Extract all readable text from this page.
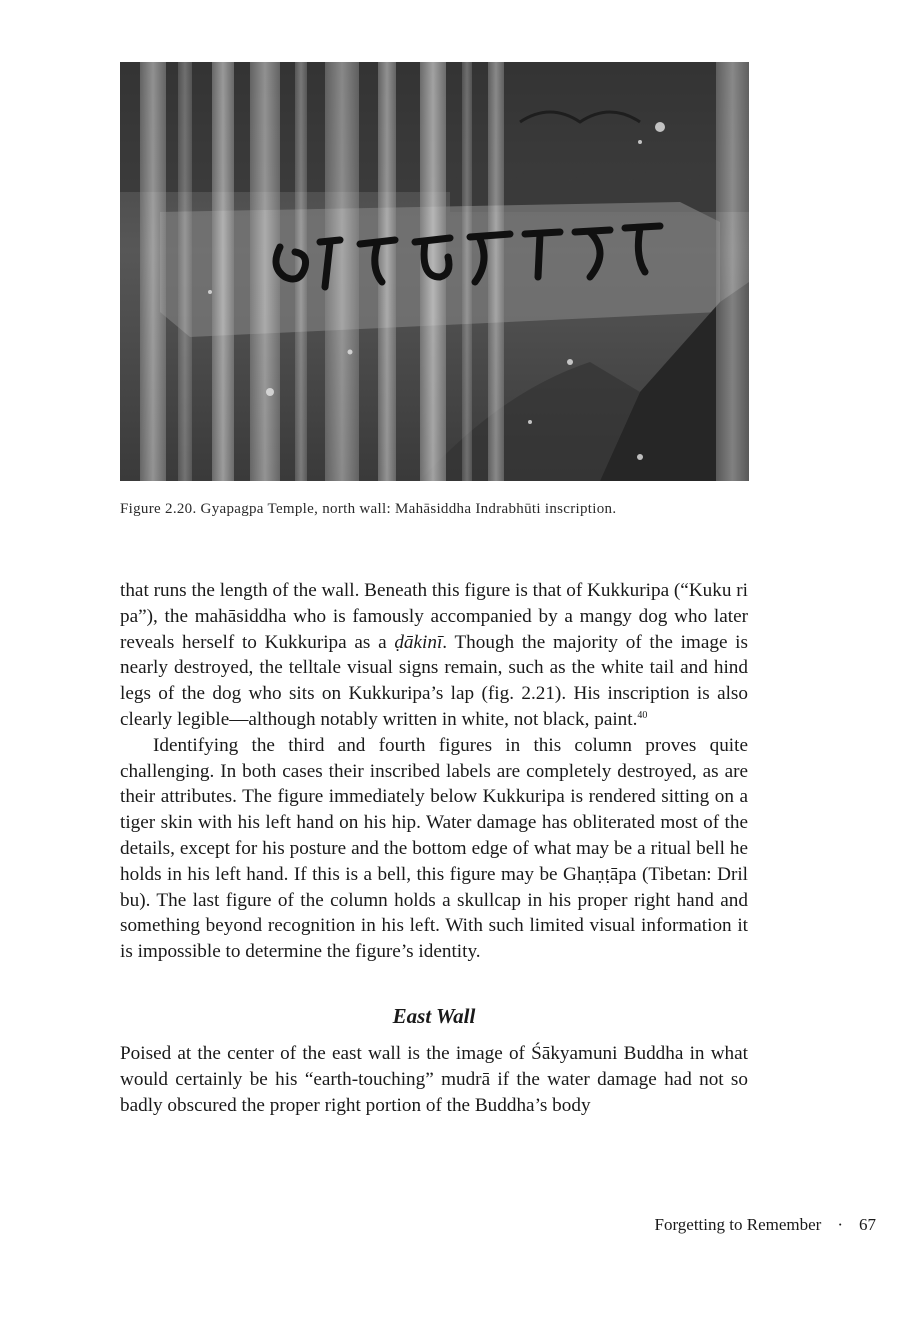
Figure 2.20. Gyapagpa Temple, north wall: Mahāsiddha Indrabhūti inscription.

that runs the length of the wall. Beneath this figure is that of Kukkuripa (“Kuku ri pa”), the mahāsiddha who is famously accompanied by a mangy dog who later reveals herself to Kukkuripa as a ḍākinī. Though the majority of the image is nearly destroyed, the telltale visual signs remain, such as the white tail and hind legs of the dog who sits on Kukkuripa’s lap (fig. 2.21). His inscription is also clearly legible—although notably written in white, not black, paint.$^{40}$

Identifying the third and fourth figures in this column proves quite challenging. In both cases their inscribed labels are completely destroyed, as are their attributes. The figure immediately below Kukkuripa is rendered sitting on a tiger skin with his left hand on his hip. Water damage has obliterated most of the details, except for his posture and the bottom edge of what may be a ritual bell he holds in his left hand. If this is a bell, this figure may be Ghaṇṭāpa (Tibetan: Dril bu). The last figure of the column holds a skullcap in his proper right hand and something beyond recognition in his left. With such limited visual information it is impossible to determine the figure’s identity.

East Wall

Poised at the center of the east wall is the image of Śākyamuni Buddha in what would certainly be his “earth-touching” mudrā if the water damage had not so badly obscured the proper right portion of the Buddha’s body

Forgetting to Remember · 67
